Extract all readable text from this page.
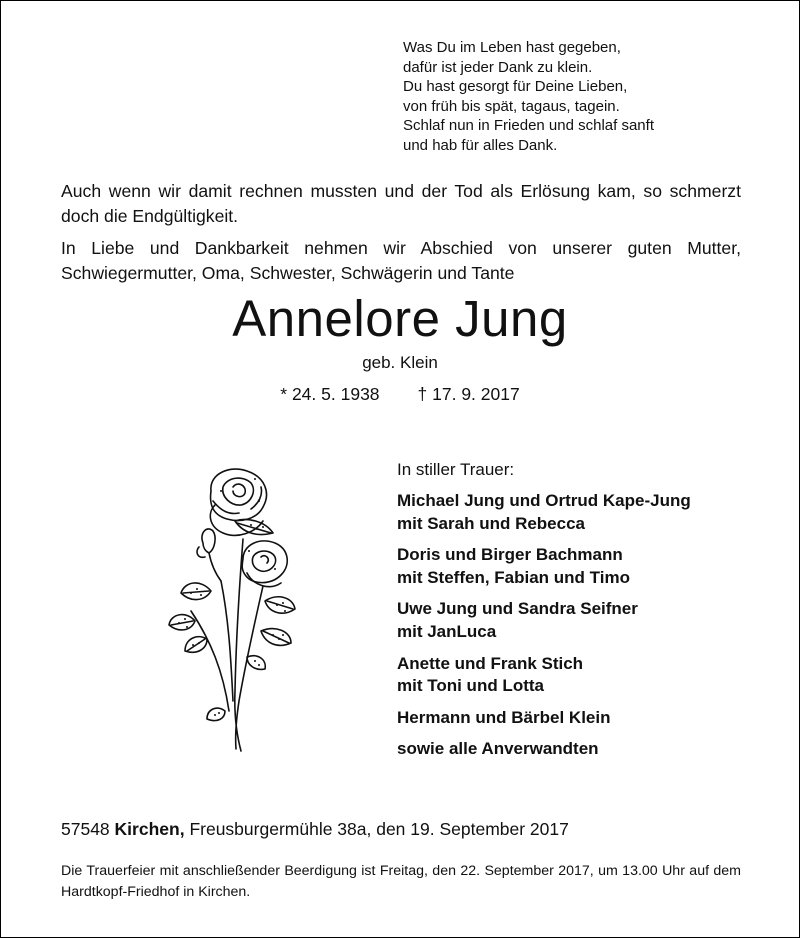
Was Du im Leben hast gegeben,
dafür ist jeder Dank zu klein.
Du hast gesorgt für Deine Lieben,
von früh bis spät, tagaus, tagein.
Schlaf nun in Frieden und schlaf sanft
und hab für alles Dank.

Auch wenn wir damit rechnen mussten und der Tod als Erlösung kam, so schmerzt doch die Endgültigkeit.

In Liebe und Dankbarkeit nehmen wir Abschied von unserer guten Mutter, Schwiegermutter, Oma, Schwester, Schwägerin und Tante

Annelore Jung
geb. Klein
* 24. 5. 1938 † 17. 9. 2017
In stiller Trauer:
Michael Jung und Ortrud Kape-Jung
mit Sarah und Rebecca
Doris und Birger Bachmann
mit Steffen, Fabian und Timo
Uwe Jung und Sandra Seifner
mit JanLuca
Anette und Frank Stich
mit Toni und Lotta
Hermann und Bärbel Klein
sowie alle Anverwandten
57548 Kirchen, Freusburgermühle 38a, den 19. September 2017
Die Trauerfeier mit anschließender Beerdigung ist Freitag, den 22. September 2017, um 13.00 Uhr auf dem Hardtkopf-Friedhof in Kirchen.
